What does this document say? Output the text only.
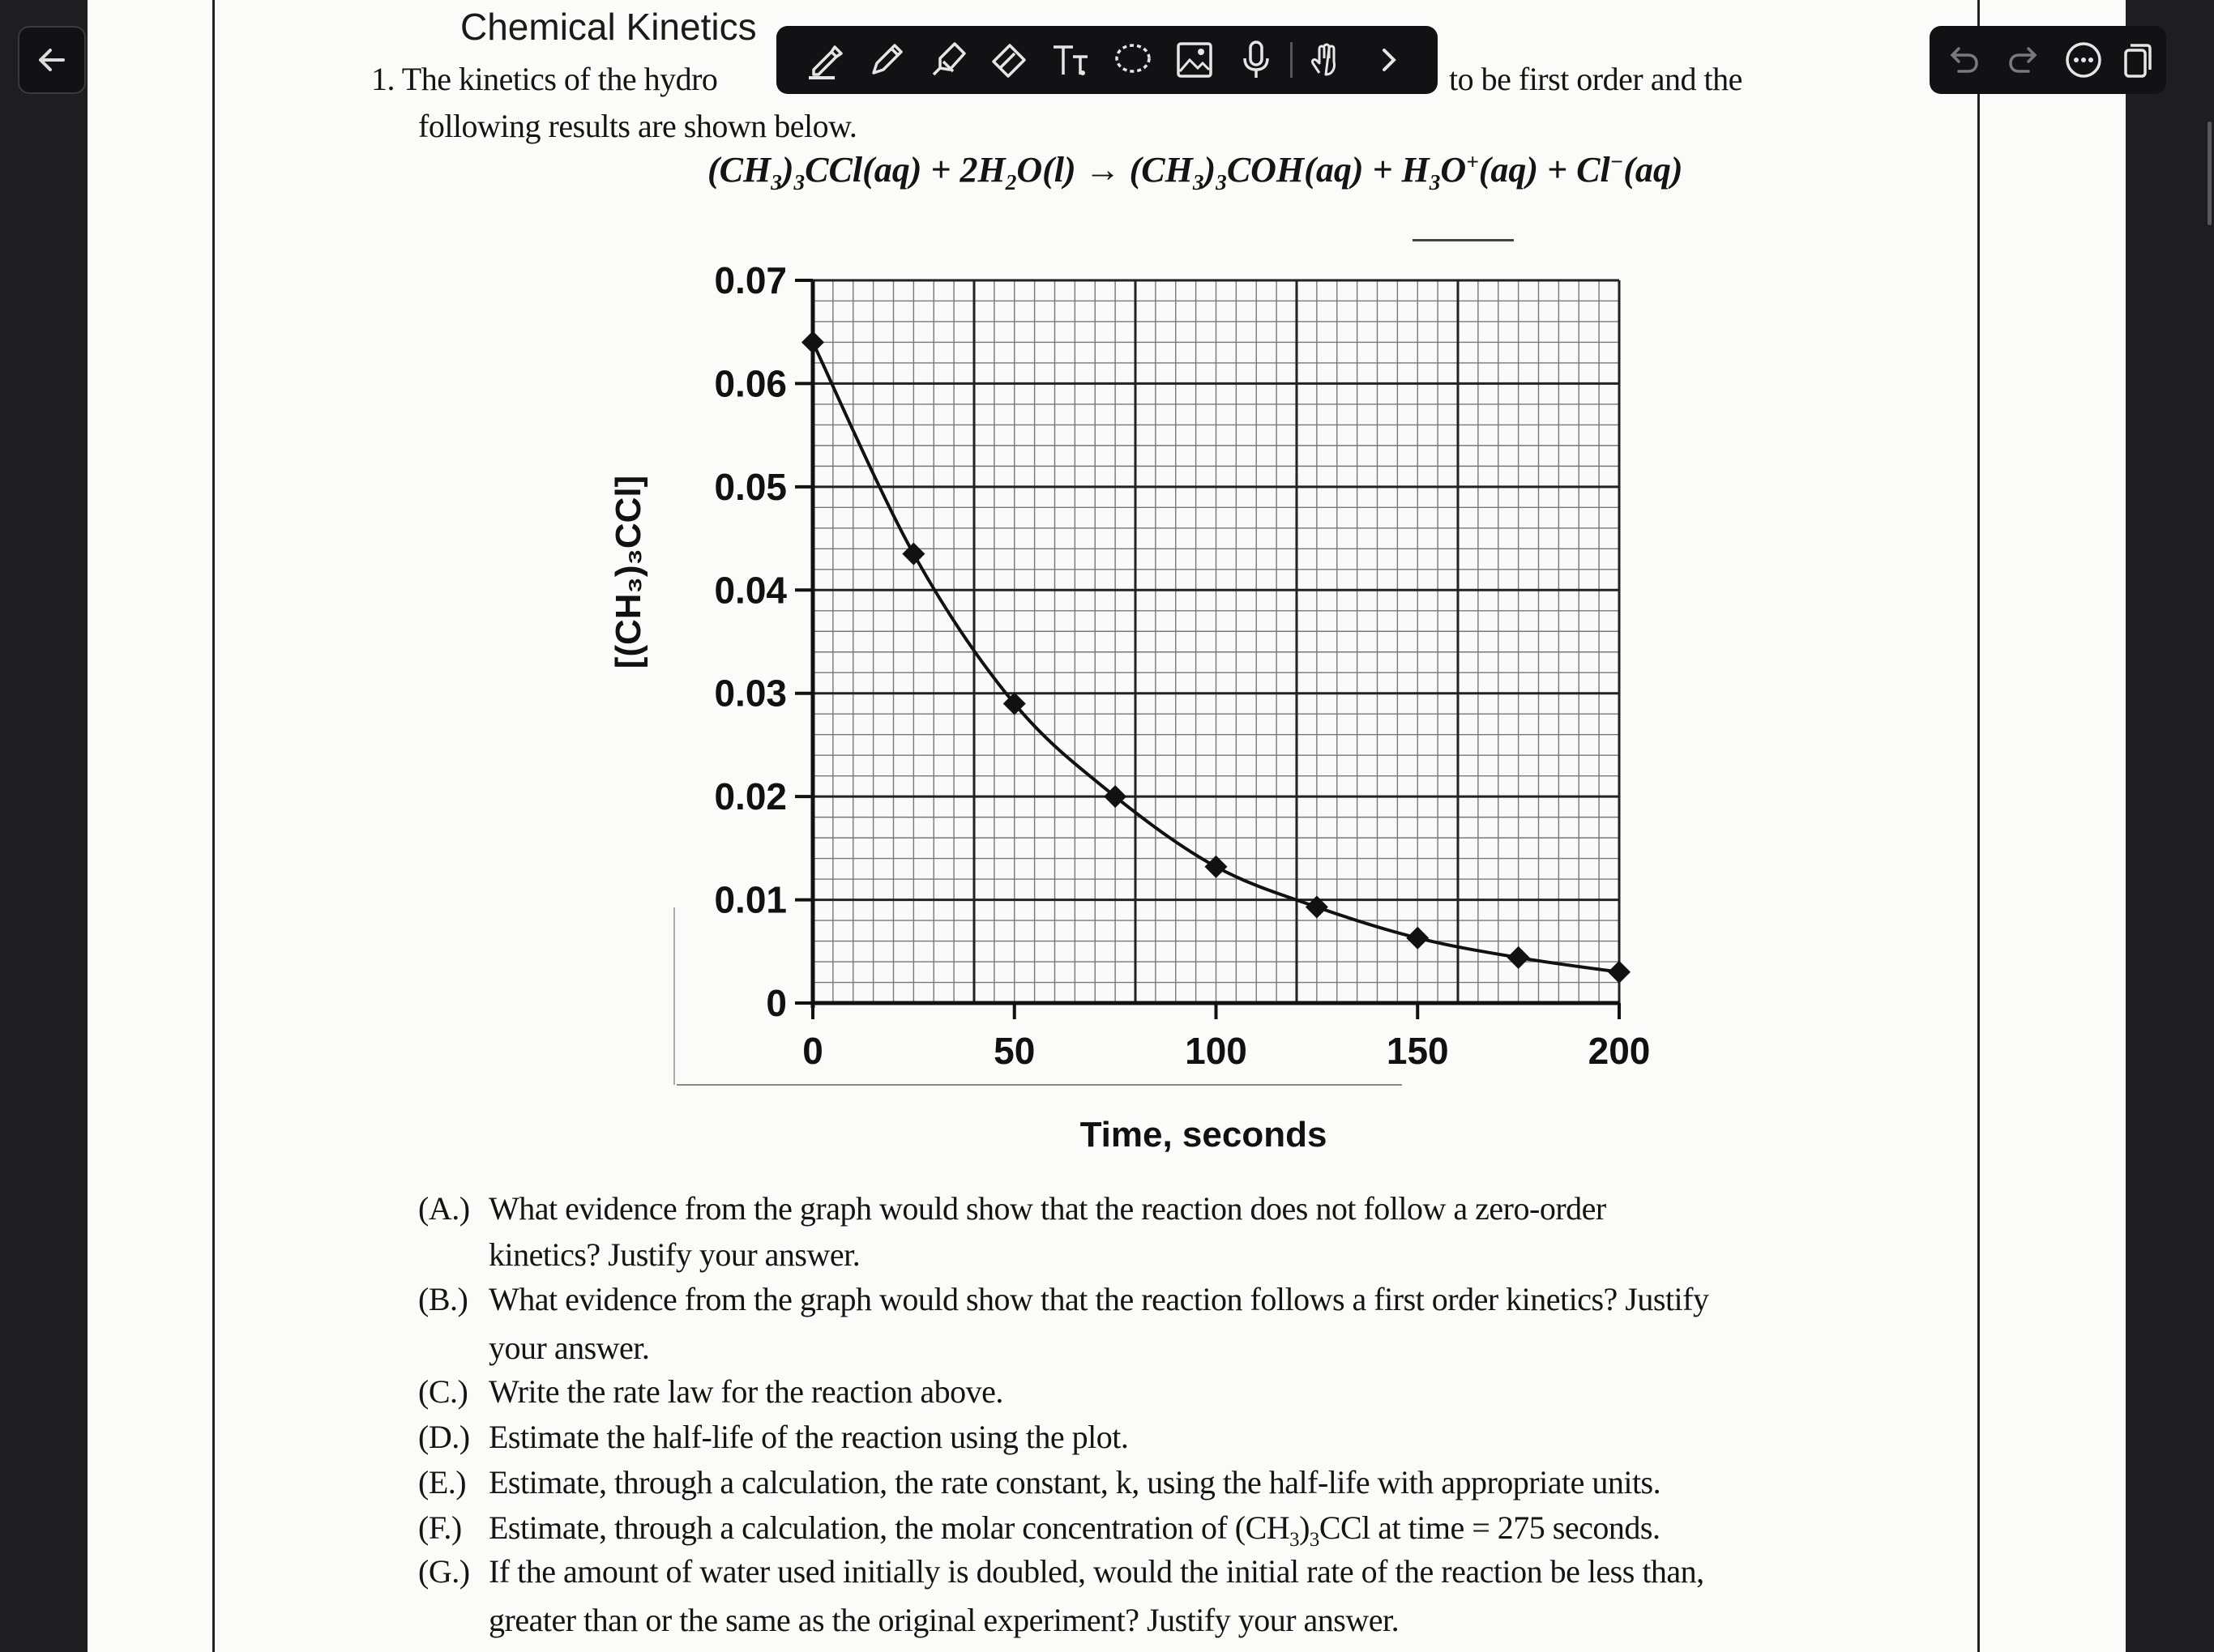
Chemical Kinetics
1. The kinetics of the hydro	to be first order and the
following results are shown below.
$(CH_3)_3CCl(aq) + 2H_2O(l) \to (CH_3)_3COH(aq) + H_3O^+(aq) + Cl^-(aq)$
(A.) What evidence from the graph would show that the reaction does not follow a zero-order
kinetics? Justify your answer.
(B.) What evidence from the graph would show that the reaction follows a first order kinetics? Justify
your answer.
(C.) Write the rate law for the reaction above.
(D.) Estimate the half-life of the reaction using the plot.
(E.) Estimate, through a calculation, the rate constant, k, using the half-life with appropriate units.
(F.) Estimate, through a calculation, the molar concentration of $(CH_3)_3CCl$ at time = 275 seconds.
(G.) If the amount of water used initially is doubled, would the initial rate of the reaction be less than,
greater than or the same as the original experiment? Justify your answer.
0
0.01
0.02
0.03
0.04
0.05
0.06
0.07
0	50	100	150	200
Time, seconds
[(CH₃)₃CCl]
